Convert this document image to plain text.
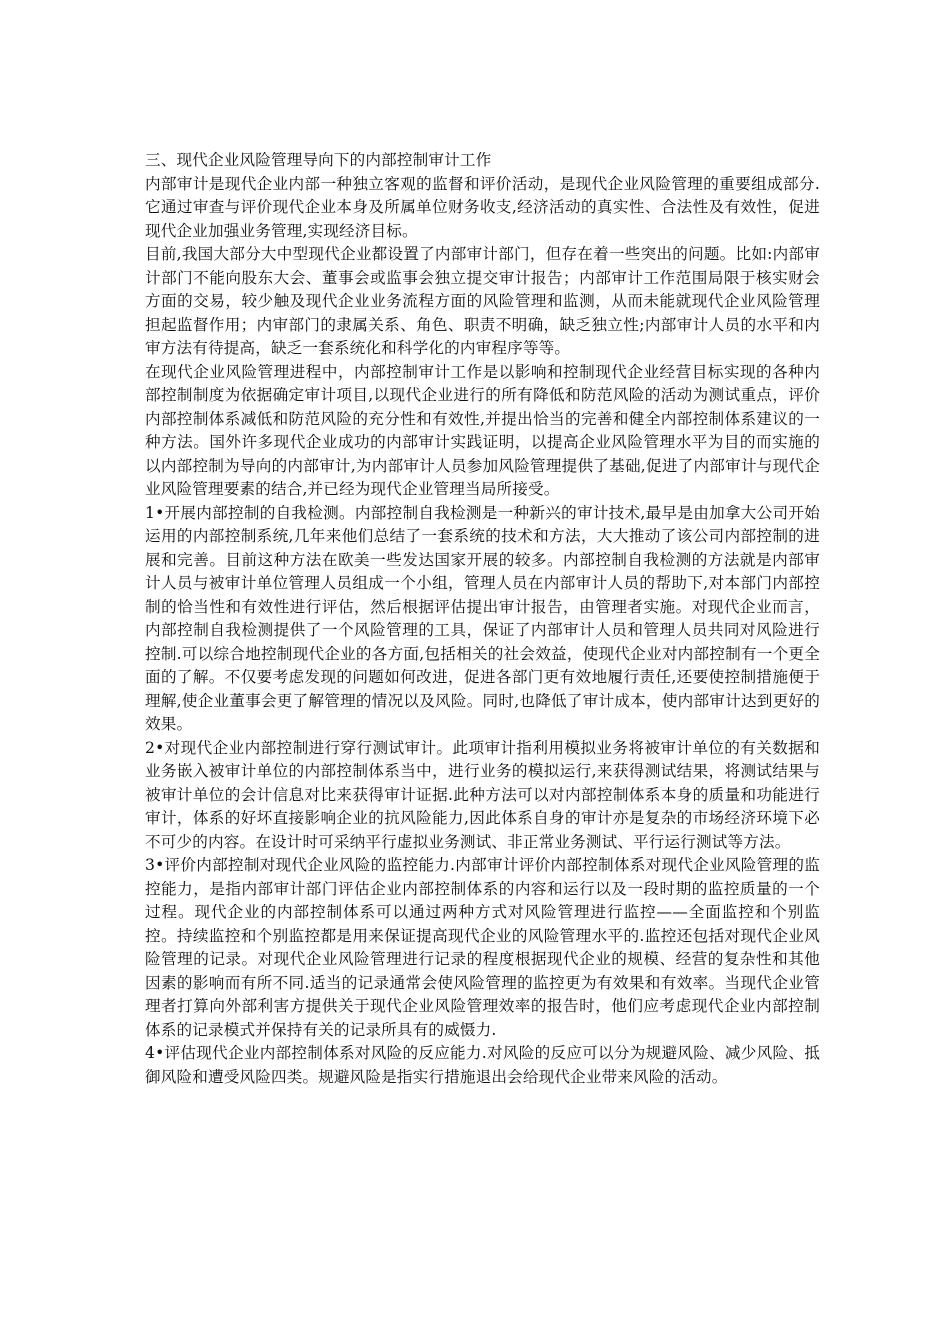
三、现代企业风险管理导向下的内部控制审计工作

内部审计是现代企业内部一种独立客观的监督和评价活动，是现代企业风险管理的重要组成部分.它通过审查与评价现代企业本身及所属单位财务收支,经济活动的真实性、合法性及有效性，促进现代企业加强业务管理,实现经济目标。

目前,我国大部分大中型现代企业都设置了内部审计部门，但存在着一些突出的问题。比如:内部审计部门不能向股东大会、董事会或监事会独立提交审计报告；内部审计工作范围局限于核实财会方面的交易，较少触及现代企业业务流程方面的风险管理和监测，从而未能就现代企业风险管理担起监督作用；内审部门的隶属关系、角色、职责不明确，缺乏独立性;内部审计人员的水平和内审方法有待提高，缺乏一套系统化和科学化的内审程序等等。

在现代企业风险管理进程中，内部控制审计工作是以影响和控制现代企业经营目标实现的各种内部控制制度为依据确定审计项目,以现代企业进行的所有降低和防范风险的活动为测试重点，评价内部控制体系减低和防范风险的充分性和有效性,并提出恰当的完善和健全内部控制体系建议的一种方法。国外许多现代企业成功的内部审计实践证明，以提高企业风险管理水平为目的而实施的以内部控制为导向的内部审计,为内部审计人员参加风险管理提供了基础,促进了内部审计与现代企业风险管理要素的结合,并已经为现代企业管理当局所接受。

1•开展内部控制的自我检测。内部控制自我检测是一种新兴的审计技术,最早是由加拿大公司开始运用的内部控制系统,几年来他们总结了一套系统的技术和方法，大大推动了该公司内部控制的进展和完善。目前这种方法在欧美一些发达国家开展的较多。内部控制自我检测的方法就是内部审计人员与被审计单位管理人员组成一个小组，管理人员在内部审计人员的帮助下,对本部门内部控制的恰当性和有效性进行评估，然后根据评估提出审计报告，由管理者实施。对现代企业而言，内部控制自我检测提供了一个风险管理的工具，保证了内部审计人员和管理人员共同对风险进行控制.可以综合地控制现代企业的各方面,包括相关的社会效益，使现代企业对内部控制有一个更全面的了解。不仅要考虑发现的问题如何改进，促进各部门更有效地履行责任,还要使控制措施便于理解,使企业董事会更了解管理的情况以及风险。同时,也降低了审计成本，使内部审计达到更好的效果。

2•对现代企业内部控制进行穿行测试审计。此项审计指利用模拟业务将被审计单位的有关数据和业务嵌入被审计单位的内部控制体系当中，进行业务的模拟运行,来获得测试结果，将测试结果与被审计单位的会计信息对比来获得审计证据.此种方法可以对内部控制体系本身的质量和功能进行审计，体系的好坏直接影响企业的抗风险能力,因此体系自身的审计亦是复杂的市场经济环境下必不可少的内容。在设计时可采纳平行虚拟业务测试、非正常业务测试、平行运行测试等方法。

3•评价内部控制对现代企业风险的监控能力.内部审计评价内部控制体系对现代企业风险管理的监控能力，是指内部审计部门评估企业内部控制体系的内容和运行以及一段时期的监控质量的一个过程。现代企业的内部控制体系可以通过两种方式对风险管理进行监控——全面监控和个别监控。持续监控和个别监控都是用来保证提高现代企业的风险管理水平的.监控还包括对现代企业风险管理的记录。对现代企业风险管理进行记录的程度根据现代企业的规模、经营的复杂性和其他因素的影响而有所不同.适当的记录通常会使风险管理的监控更为有效果和有效率。当现代企业管理者打算向外部利害方提供关于现代企业风险管理效率的报告时，他们应考虑现代企业内部控制体系的记录模式并保持有关的记录所具有的威慑力.

4•评估现代企业内部控制体系对风险的反应能力.对风险的反应可以分为规避风险、减少风险、抵御风险和遭受风险四类。规避风险是指实行措施退出会给现代企业带来风险的活动。
